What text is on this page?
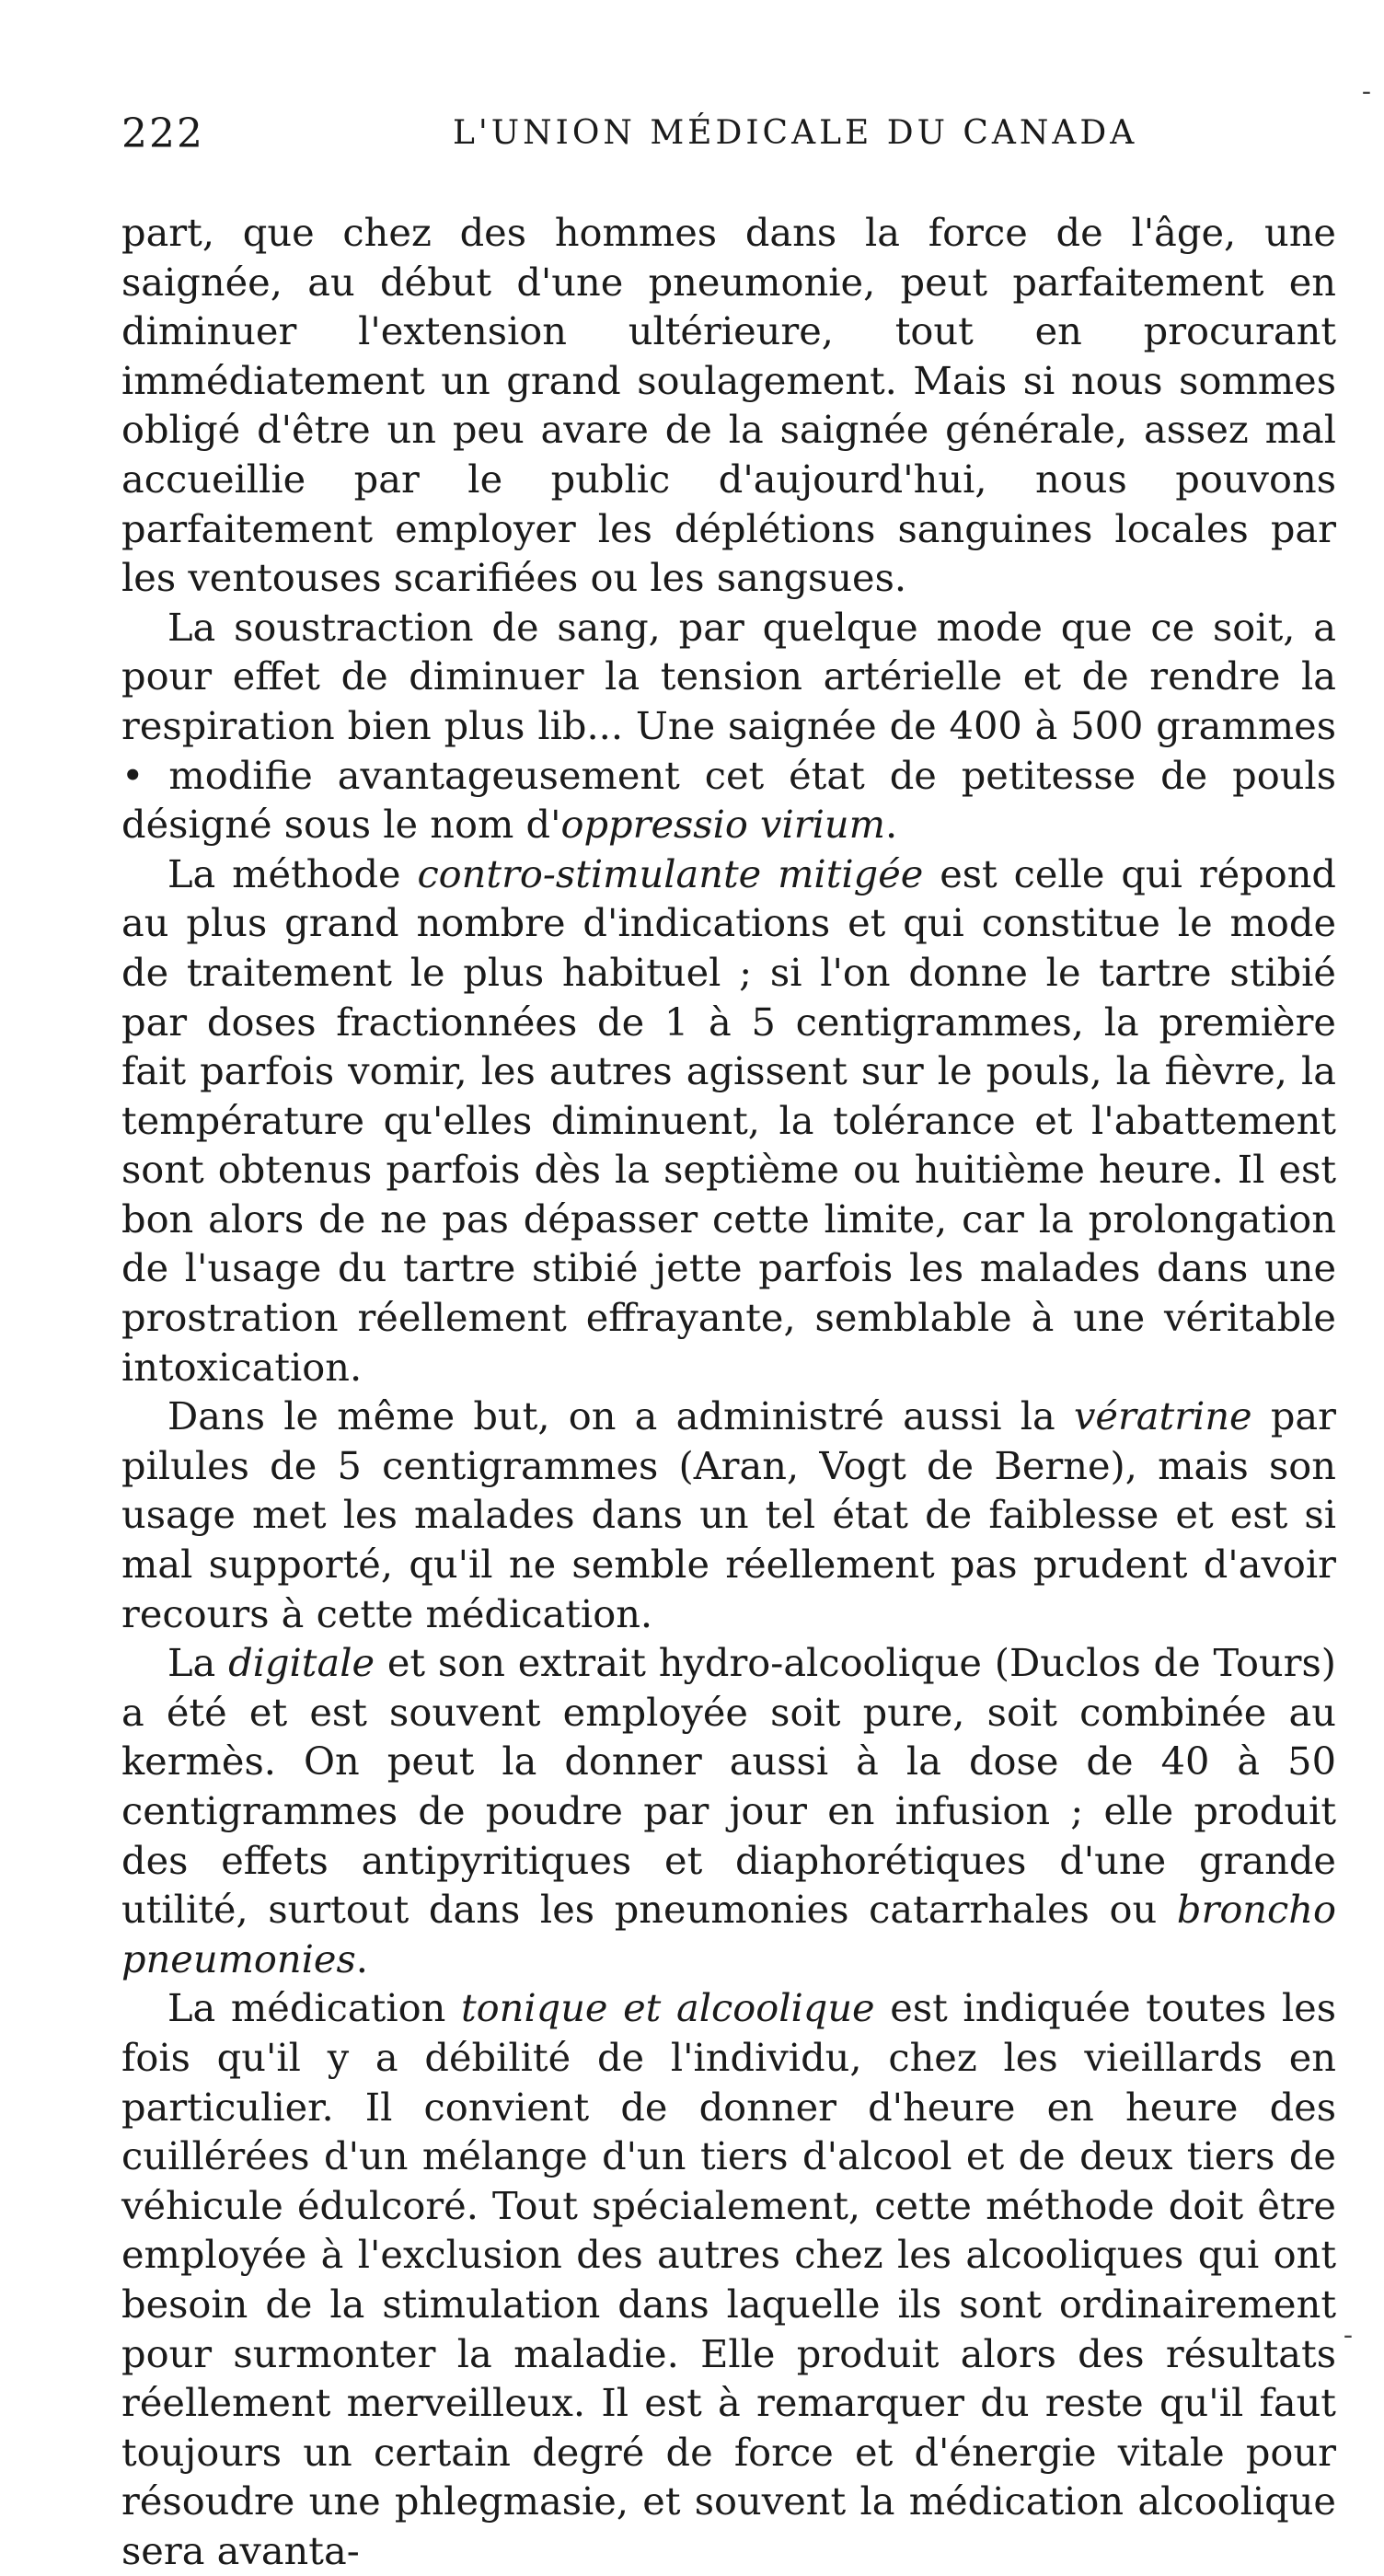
222	L'UNION MÉDICALE DU CANADA

part, que chez des hommes dans la force de l'âge, une saignée, au début d'une pneumonie, peut parfaitement en diminuer l'extension ultérieure, tout en procurant immédiatement un grand soulagement. Mais si nous sommes obligé d'être un peu avare de la saignée générale, assez mal accueillie par le public d'aujourd'hui, nous pouvons parfaitement employer les déplétions sanguines locales par les ventouses scarifiées ou les sangsues.

La soustraction de sang, par quelque mode que ce soit, a pour effet de diminuer la tension artérielle et de rendre la respiration bien plus lib... Une saignée de 400 à 500 grammes • modifie avantageusement cet état de petitesse de pouls désigné sous le nom d'oppressio virium.

La méthode contro-stimulante mitigée est celle qui répond au plus grand nombre d'indications et qui constitue le mode de traitement le plus habituel ; si l'on donne le tartre stibié par doses fractionnées de 1 à 5 centigrammes, la première fait parfois vomir, les autres agissent sur le pouls, la fièvre, la température qu'elles diminuent, la tolérance et l'abattement sont obtenus parfois dès la septième ou huitième heure. Il est bon alors de ne pas dépasser cette limite, car la prolongation de l'usage du tartre stibié jette parfois les malades dans une prostration réellement effrayante, semblable à une véritable intoxication.

Dans le même but, on a administré aussi la vératrine par pilules de 5 centigrammes (Aran, Vogt de Berne), mais son usage met les malades dans un tel état de faiblesse et est si mal supporté, qu'il ne semble réellement pas prudent d'avoir recours à cette médication.

La digitale et son extrait hydro-alcoolique (Duclos de Tours) a été et est souvent employée soit pure, soit combinée au kermès. On peut la donner aussi à la dose de 40 à 50 centigrammes de poudre par jour en infusion ; elle produit des effets antipyritiques et diaphorétiques d'une grande utilité, surtout dans les pneumonies catarrhales ou broncho pneumonies.

La médication tonique et alcoolique est indiquée toutes les fois qu'il y a débilité de l'individu, chez les vieillards en particulier. Il convient de donner d'heure en heure des cuillérées d'un mélange d'un tiers d'alcool et de deux tiers de véhicule édulcoré. Tout spécialement, cette méthode doit être employée à l'exclusion des autres chez les alcooliques qui ont besoin de la stimulation dans laquelle ils sont ordinairement pour surmonter la maladie. Elle produit alors des résultats réellement merveilleux. Il est à remarquer du reste qu'il faut toujours un certain degré de force et d'énergie vitale pour résoudre une phlegmasie, et souvent la médication alcoolique sera avanta-

-
-
